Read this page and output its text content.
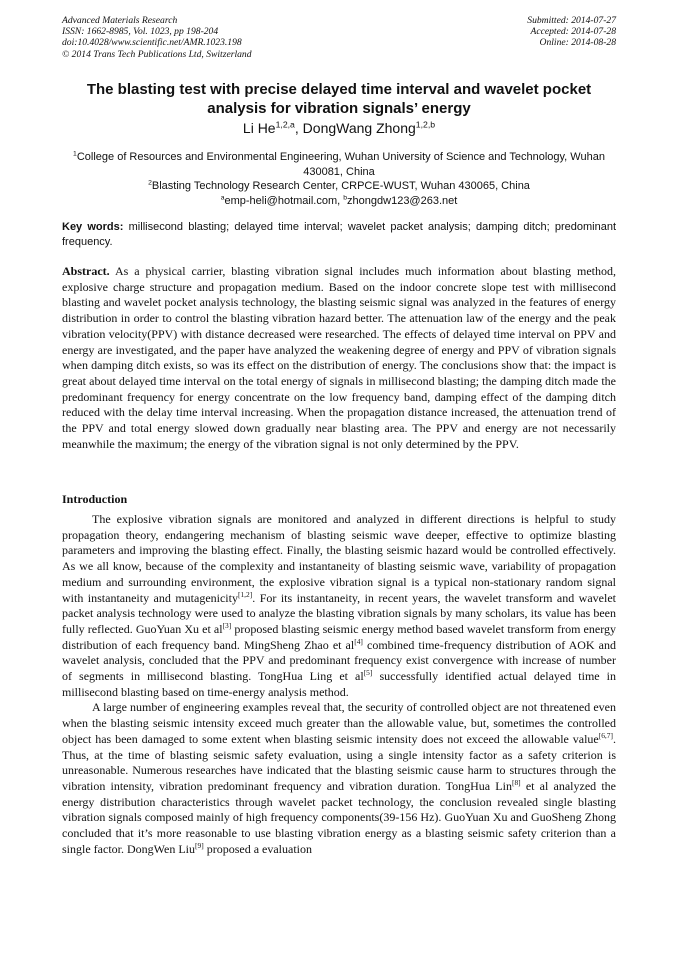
Advanced Materials Research
ISSN: 1662-8985, Vol. 1023, pp 198-204
doi:10.4028/www.scientific.net/AMR.1023.198
© 2014 Trans Tech Publications Ltd, Switzerland
Submitted: 2014-07-27
Accepted: 2014-07-28
Online: 2014-08-28
The blasting test with precise delayed time interval and wavelet pocket analysis for vibration signals’ energy
Li He$^{1,2,a}$, DongWang Zhong$^{1,2,b}$
$^1$College of Resources and Environmental Engineering, Wuhan University of Science and Technology, Wuhan 430081, China
$^2$Blasting Technology Research Center, CRPCE-WUST, Wuhan 430065, China
$^a$emp-heli@hotmail.com, $^b$zhongdw123@263.net
Key words: millisecond blasting; delayed time interval; wavelet packet analysis; damping ditch; predominant frequency.
Abstract. As a physical carrier, blasting vibration signal includes much information about blasting method, explosive charge structure and propagation medium. Based on the indoor concrete slope test with millisecond blasting and wavelet pocket analysis technology, the blasting seismic signal was analyzed in the features of energy distribution in order to control the blasting vibration hazard better. The attenuation law of the energy and the peak vibration velocity(PPV) with distance decreased were researched. The effects of delayed time interval on PPV and energy are investigated, and the paper have analyzed the weakening degree of energy and PPV of vibration signals when damping ditch exists, so was its effect on the distribution of energy. The conclusions show that: the impact is great about delayed time interval on the total energy of signals in millisecond blasting; the damping ditch made the predominant frequency for energy concentrate on the low frequency band, damping effect of the damping ditch reduced with the delay time interval increasing. When the propagation distance increased, the attenuation trend of the PPV and total energy slowed down gradually near blasting area. The PPV and energy are not necessarily meanwhile the maximum; the energy of the vibration signal is not only determined by the PPV.
Introduction

The explosive vibration signals are monitored and analyzed in different directions is helpful to study propagation theory, endangering mechanism of blasting seismic wave deeper, effective to optimize blasting parameters and improving the blasting effect. Finally, the blasting seismic hazard would be controlled effectively. As we all know, because of the complexity and instantaneity of blasting seismic wave, variability of propagation medium and surrounding environment, the explosive vibration signal is a typical non-stationary random signal with instantaneity and mutagenicity[1,2]. For its instantaneity, in recent years, the wavelet transform and wavelet packet analysis technology were used to analyze the blasting vibration signals by many scholars, its value has been fully reflected. GuoYuan Xu et al[3] proposed blasting seismic energy method based wavelet transform from energy distribution of each frequency band. MingSheng Zhao et al[4] combined time-frequency distribution of AOK and wavelet analysis, concluded that the PPV and predominant frequency exist convergence with increase of number of segments in millisecond blasting. TongHua Ling et al[5] successfully identified actual delayed time in millisecond blasting based on time-energy analysis method.

A large number of engineering examples reveal that, the security of controlled object are not threatened even when the blasting seismic intensity exceed much greater than the allowable value, but, sometimes the controlled object has been damaged to some extent when blasting seismic intensity does not exceed the allowable value[6,7]. Thus, at the time of blasting seismic safety evaluation, using a single intensity factor as a safety criterion is unreasonable. Numerous researches have indicated that the blasting seismic cause harm to structures through the vibration intensity, vibration predominant frequency and vibration duration. TongHua Lin[8] et al analyzed the energy distribution characteristics through wavelet packet technology, the conclusion revealed single blasting vibration signals composed mainly of high frequency components(39-156 Hz). GuoYuan Xu and GuoSheng Zhong concluded that it’s more reasonable to use blasting vibration energy as a blasting seismic safety criterion than a single factor. DongWen Liu[9] proposed a evaluation
